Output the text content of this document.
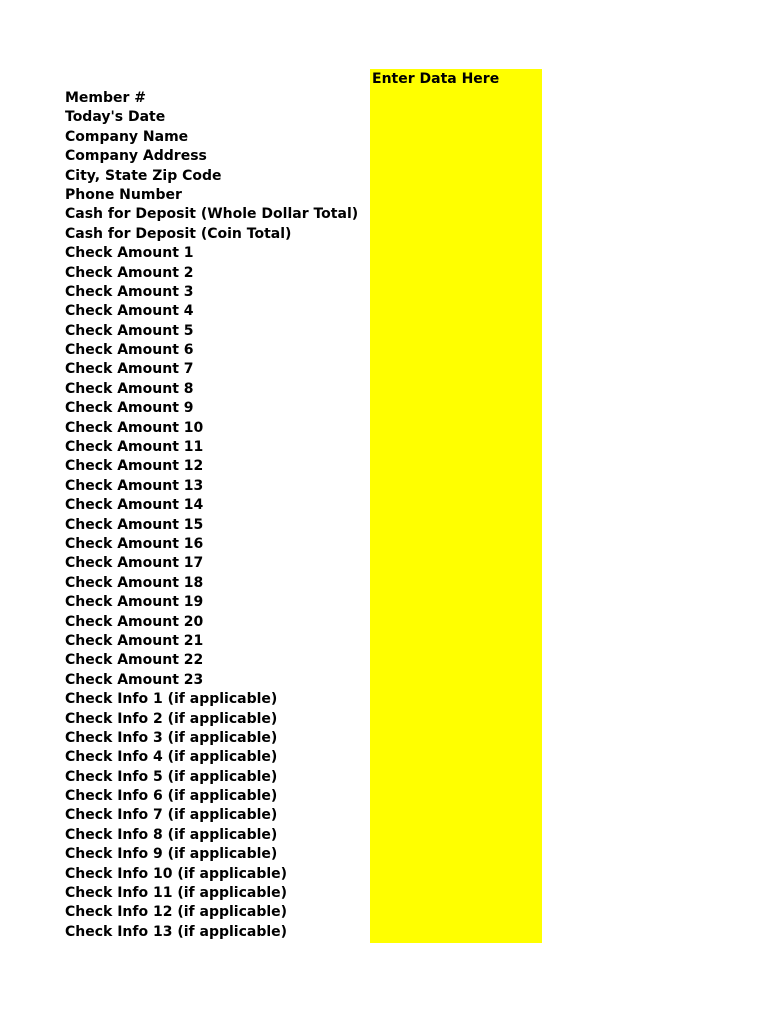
Enter Data Here
Member #
Today's Date
Company Name
Company Address
City, State Zip Code
Phone Number
Cash for Deposit (Whole Dollar Total)
Cash for Deposit (Coin Total)
Check Amount 1
Check Amount 2
Check Amount 3
Check Amount 4
Check Amount 5
Check Amount 6
Check Amount 7
Check Amount 8
Check Amount 9
Check Amount 10
Check Amount 11
Check Amount 12
Check Amount 13
Check Amount 14
Check Amount 15
Check Amount 16
Check Amount 17
Check Amount 18
Check Amount 19
Check Amount 20
Check Amount 21
Check Amount 22
Check Amount 23
Check Info 1 (if applicable)
Check Info 2 (if applicable)
Check Info 3 (if applicable)
Check Info 4 (if applicable)
Check Info 5 (if applicable)
Check Info 6 (if applicable)
Check Info 7 (if applicable)
Check Info 8 (if applicable)
Check Info 9 (if applicable)
Check Info 10 (if applicable)
Check Info 11 (if applicable)
Check Info 12 (if applicable)
Check Info 13 (if applicable)
